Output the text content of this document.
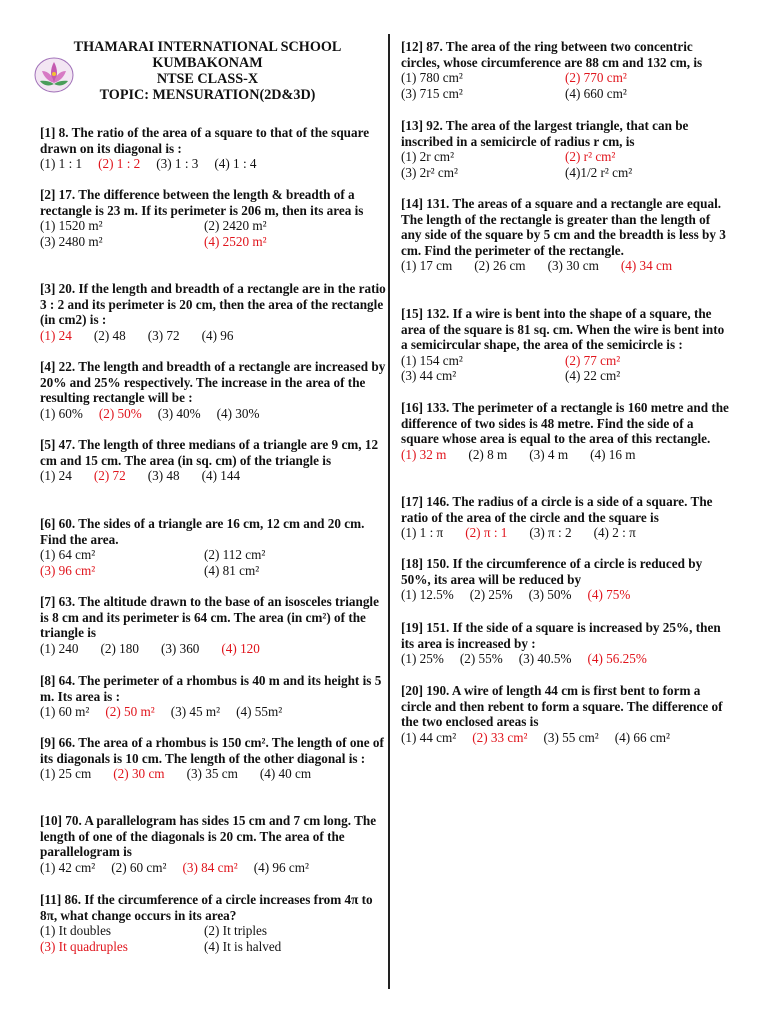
THAMARAI INTERNATIONAL SCHOOL
KUMBAKONAM
NTSE CLASS-X
TOPIC: MENSURATION(2D&3D)
[1] 8. The ratio of the area of a square to that of the square drawn on its diagonal is :
(1) 1 : 1 (2) 1 : 2 (3) 1 : 3 (4) 1 : 4
[2] 17. The difference between the length & breadth of a rectangle is 23 m. If its perimeter is 206 m, then its area is
(1) 1520 m²	(2) 2420 m²
(3) 2480 m²	(4) 2520 m²
[3] 20. If the length and breadth of a rectangle are in the ratio 3 : 2 and its perimeter is 20 cm, then the area of the rectangle (in cm2) is :
(1) 24 (2) 48 (3) 72 (4) 96
[4] 22. The length and breadth of a rectangle are increased by 20% and 25% respectively. The increase in the area of the resulting rectangle will be :
(1) 60% (2) 50% (3) 40% (4) 30%
[5] 47. The length of three medians of a triangle are 9 cm, 12 cm and 15 cm. The area (in sq. cm) of the triangle is
(1) 24 (2) 72 (3) 48 (4) 144
[6] 60. The sides of a triangle are 16 cm, 12 cm and 20 cm. Find the area.
(1) 64 cm²	(2) 112 cm²
(3) 96 cm²	(4) 81 cm²
[7] 63. The altitude drawn to the base of an isosceles triangle is 8 cm and its perimeter is 64 cm. The area (in cm²) of the triangle is
(1) 240 (2) 180 (3) 360 (4) 120
[8] 64. The perimeter of a rhombus is 40 m and its height is 5 m. Its area is :
(1) 60 m² (2) 50 m² (3) 45 m² (4) 55m²
[9] 66. The area of a rhombus is 150 cm². The length of one of its diagonals is 10 cm. The length of the other diagonal is :
(1) 25 cm (2) 30 cm (3) 35 cm (4) 40 cm
[10] 70. A parallelogram has sides 15 cm and 7 cm long. The length of one of the diagonals is 20 cm. The area of the parallelogram is
(1) 42 cm² (2) 60 cm² (3) 84 cm² (4) 96 cm²
[11] 86. If the circumference of a circle increases from 4π to 8π, what change occurs in its area?
(1) It doubles	(2) It triples
(3) It quadruples	(4) It is halved
[12] 87. The area of the ring between two concentric circles, whose circumference are 88 cm and 132 cm, is
(1) 780 cm²	(2) 770 cm²
(3) 715 cm²	(4) 660 cm²
[13] 92. The area of the largest triangle, that can be inscribed in a semicircle of radius r cm, is
(1) 2r cm²	(2) r² cm²
(3) 2r² cm²	(4)1/2 r² cm²
[14] 131. The areas of a square and a rectangle are equal. The length of the rectangle is greater than the length of any side of the square by 5 cm and the breadth is less by 3 cm. Find the perimeter of the rectangle.
(1) 17 cm (2) 26 cm (3) 30 cm (4) 34 cm
[15] 132. If a wire is bent into the shape of a square, the area of the square is 81 sq. cm. When the wire is bent into a semicircular shape, the area of the semicircle is :
(1) 154 cm²	(2) 77 cm²
(3) 44 cm²	(4) 22 cm²
[16] 133. The perimeter of a rectangle is 160 metre and the difference of two sides is 48 metre. Find the side of a square whose area is equal to the area of this rectangle.
(1) 32 m (2) 8 m (3) 4 m (4) 16 m
[17] 146. The radius of a circle is a side of a square. The ratio of the area of the circle and the square is
(1) 1 : π (2) π : 1 (3) π : 2 (4) 2 : π
[18] 150. If the circumference of a circle is reduced by 50%, its area will be reduced by
(1) 12.5% (2) 25% (3) 50% (4) 75%
[19] 151. If the side of a square is increased by 25%, then its area is increased by :
(1) 25% (2) 55% (3) 40.5% (4) 56.25%
[20] 190. A wire of length 44 cm is first bent to form a circle and then rebent to form a square. The difference of the two enclosed areas is
(1) 44 cm² (2) 33 cm² (3) 55 cm² (4) 66 cm²
